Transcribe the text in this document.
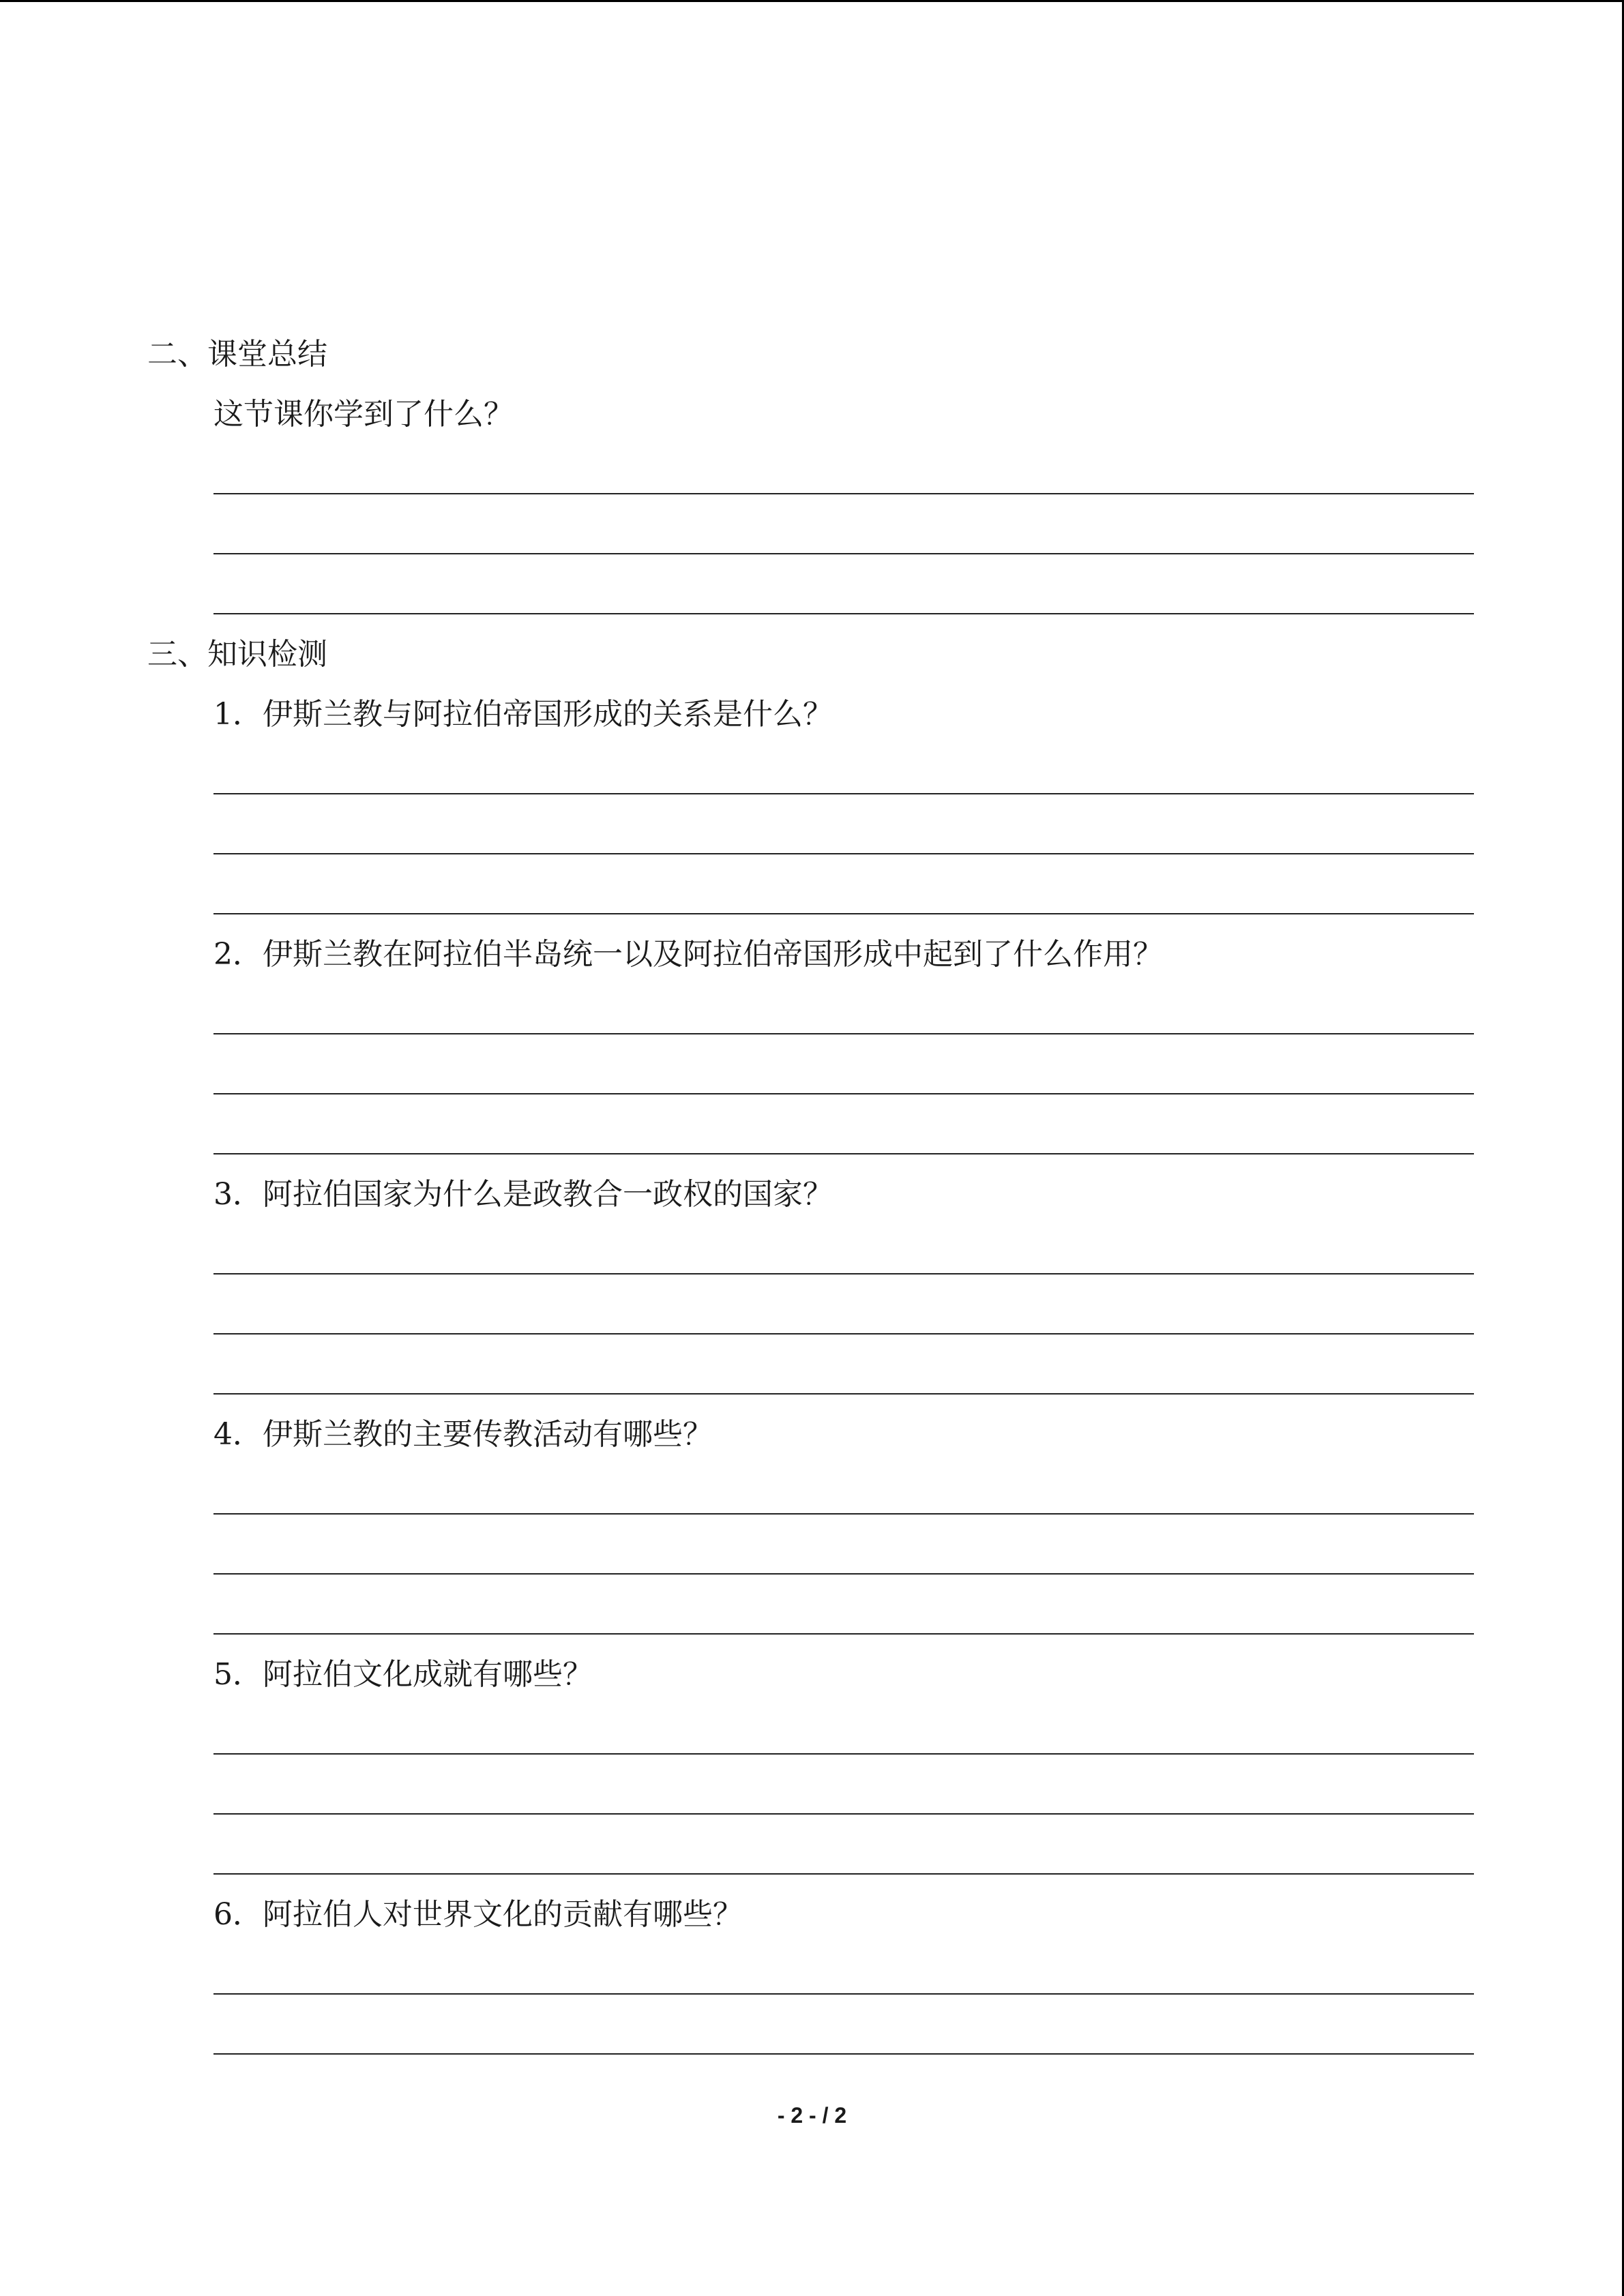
二、课堂总结
这节课你学到了什么？
三、知识检测
1．伊斯兰教与阿拉伯帝国形成的关系是什么？
2．伊斯兰教在阿拉伯半岛统一以及阿拉伯帝国形成中起到了什么作用？
3．阿拉伯国家为什么是政教合一政权的国家？
4．伊斯兰教的主要传教活动有哪些？
5．阿拉伯文化成就有哪些？
6．阿拉伯人对世界文化的贡献有哪些？
- 2 - / 2
